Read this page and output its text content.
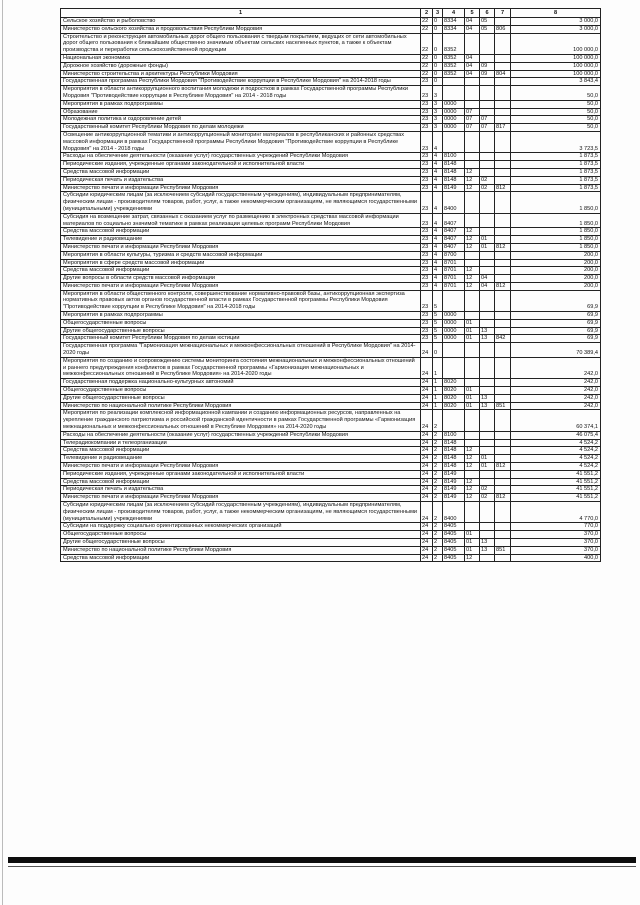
1	2	3	4	5	6	7	8
Сельское хозяйство и рыболовство	22	0	8334	04	05		3 000,0
Министерство сельского хозяйства и продовольствия Республики Мордовия	22	0	8334	04	05	806	3 000,0
Строительство и реконструкция автомобильных дорог общего пользования с твердым покрытием, ведущих от сети автомобильных дорог общего пользования к ближайшим общественно значимым объектам сельских населенных пунктов, а также к объектам производства и переработки сельскохозяйственной продукции	22	0	8352				100 000,0
Национальная экономика	22	0	8352	04			100 000,0
Дорожное хозяйство (дорожные фонды)	22	0	8352	04	09		100 000,0
Министерство строительства и архитектуры Республики Мордовия	22	0	8352	04	09	804	100 000,0
Государственная программа Республики Мордовия "Противодействие коррупции в Республике Мордовия" на 2014-2018 годы	23	0					3 843,4
Мероприятия в области антикоррупционного воспитания молодежи и подростков в рамках Государственной программы Республики Мордовия "Противодействие коррупции в Республике Мордовия" на 2014 - 2018 годы	23	3					50,0
Мероприятия в рамках подпрограммы	23	3	0000				50,0
Образование	23	3	0000	07			50,0
Молодежная политика и оздоровление детей	23	3	0000	07	07		50,0
Государственный комитет Республики Мордовия по делам молодежи	23	3	0000	07	07	817	50,0
Освещение антикоррупционной тематики и антикоррупционный мониторинг материалов в республиканских и районных средствах массовой информации в рамках Государственной программы Республики Мордовия "Противодействие коррупции в Республике Мордовия" на 2014 - 2018 годы	23	4					3 723,5
Расходы на обеспечение деятельности (оказание услуг) государственных учреждений Республики Мордовия	23	4	8100				1 873,5
Периодические издания, учрежденные органами законодательной и исполнительной власти	23	4	8148				1 873,5
Средства массовой информации	23	4	8148	12			1 873,5
Периодическая печать и издательства	23	4	8148	12	02		1 873,5
Министерство печати и информации Республики Мордовия	23	4	8149	12	02	812	1 873,5
Субсидии юридическим лицам (за исключением субсидий государственным учреждениям), индивидуальным предпринимателям, физическим лицам - производителям товаров, работ, услуг, а также некоммерческим организациям, не являющимся государственными (муниципальными) учреждениями	23	4	8400				1 850,0
Субсидия на возмещение затрат, связанных с оказанием услуг по размещению в электронных средствах массовой информации материалов по социально значимой тематике в рамках реализации целевых программ Республики Мордовия	23	4	8407				1 850,0
Средства массовой информации	23	4	8407	12			1 850,0
Телевидение и радиовещание	23	4	8407	12	01		1 850,0
Министерство печати и информации Республики Мордовия	23	4	8407	12	01	812	1 850,0
Мероприятия в области культуры, туризма и средств массовой информации	23	4	8700				200,0
Мероприятия в сфере средств массовой информации	23	4	8701				200,0
Средства массовой информации	23	4	8701	12			200,0
Другие вопросы в области средств массовой информации	23	4	8701	12	04		200,0
Министерство печати и информации Республики Мордовия	23	4	8701	12	04	812	200,0
Мероприятия в области общественного контроля, совершенствование нормативно-правовой базы, антикоррупционная экспертиза нормативных правовых актов органов государственной власти в рамках Государственной программы Республики Мордовия "Противодействие коррупции в Республике Мордовия" на 2014-2018 годы	23	5					69,9
Мероприятия в рамках подпрограммы	23	5	0000				69,9
Общегосударственные вопросы	23	5	0000	01			69,9
Другие общегосударственные вопросы	23	5	0000	01	13		69,9
Государственный комитет Республики Мордовия по делам юстиции	23	5	0000	01	13	842	69,9
Государственная программа "Гармонизация межнациональных и межконфессиональных отношений в Республике Мордовия" на 2014-2020 годы	24	0					70 389,4
Мероприятия по созданию и сопровождению системы мониторинга состояния межнациональных и межконфессиональных отношений и раннего предупреждения конфликтов в рамках Государственной программы «Гармонизация межнациональных и межконфессиональных отношений в Республике Мордовия» на 2014-2020 годы	24	1					242,0
Государственная поддержка национально-культурных автономий	24	1	8020				242,0
Общегосударственные вопросы	24	1	8020	01			242,0
Другие общегосударственные вопросы	24	1	8020	01	13		242,0
Министерство по национальной политике Республики Мордовия	24	1	8020	01	13	851	242,0
Мероприятия по реализации комплексной информационной кампании и созданию информационных ресурсов, направленных на укрепление гражданского патриотизма и российской гражданской идентичности в рамках Государственной программы «Гармонизация межнациональных и межконфессиональных отношений в Республике Мордовия» на 2014-2020 годы	24	2					60 374,1
Расходы на обеспечение деятельности (оказание услуг) государственных учреждений Республики Мордовия	24	2	8100				46 075,4
Телерадиокомпании и телеорганизации	24	2	8148				4 524,2
Средства массовой информации	24	2	8148	12			4 524,2
Телевидение и радиовещание	24	2	8148	12	01		4 524,2
Министерство печати и информации Республики Мордовия	24	2	8148	12	01	812	4 524,2
Периодические издания, учрежденные органами законодательной и исполнительной власти	24	2	8149				41 551,2
Средства массовой информации	24	2	8149	12			41 551,2
Периодическая печать и издательства	24	2	8149	12	02		41 551,2
Министерство печати и информации Республики Мордовия	24	2	8149	12	02	812	41 551,2
Субсидии юридическим лицам (за исключением субсидий государственным учреждениям), индивидуальным предпринимателям, физическим лицам - производителям товаров, работ, услуг, а также некоммерческим организациям, не являющимся государственными (муниципальными) учреждениями	24	2	8400				4 770,0
Субсидии на поддержку социально ориентированных некоммерческих организаций	24	2	8405				770,0
Общегосударственные вопросы	24	2	8405	01			370,0
Другие общегосударственные вопросы	24	2	8405	01	13		370,0
Министерство по национальной политике Республики Мордовия	24	2	8405	01	13	851	370,0
Средства массовой информации	24	2	8405	12			400,0
